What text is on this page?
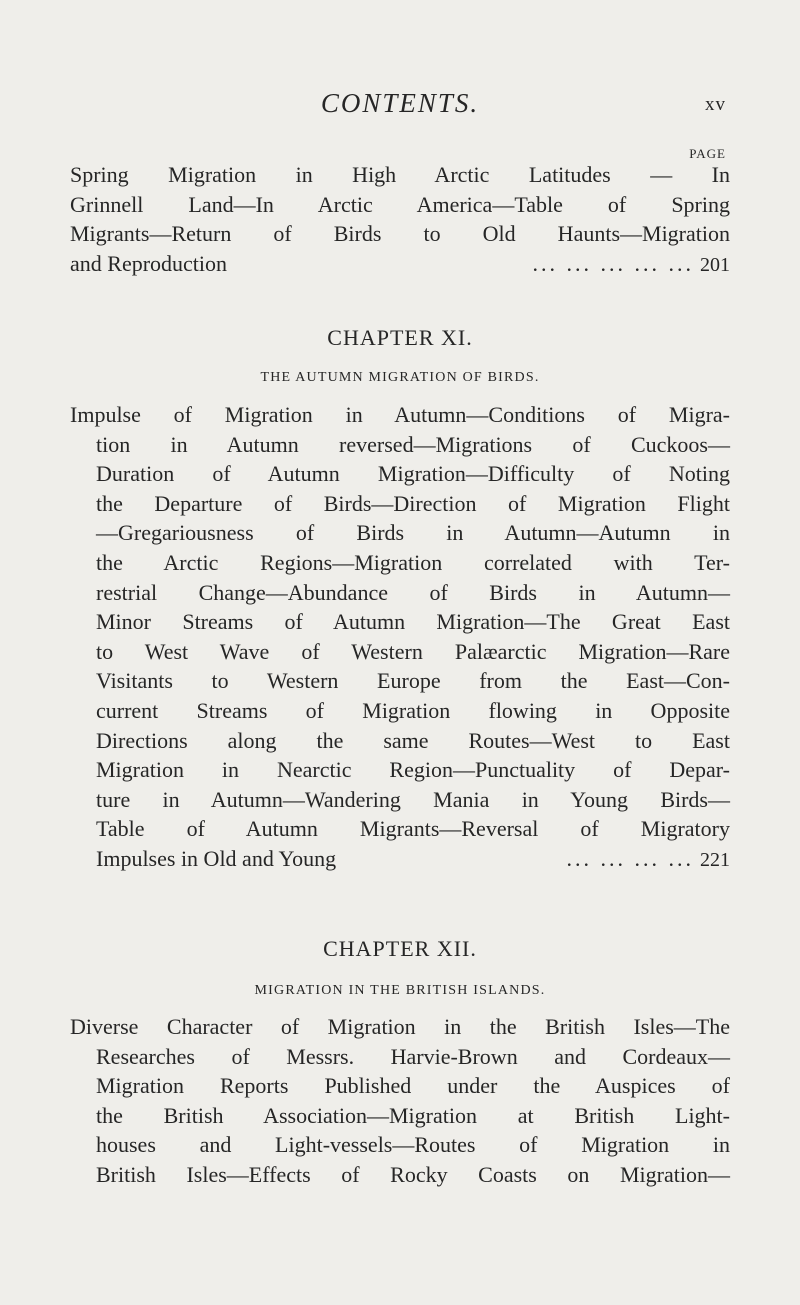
CONTENTS.	xv
PAGE
Spring Migration in High Arctic Latitudes — In
Grinnell Land—In Arctic America—Table of Spring
Migrants—Return of Birds to Old Haunts—Migration
and Reproduction	... ... ... ... ... 201
CHAPTER XI.
THE AUTUMN MIGRATION OF BIRDS.
Impulse of Migration in Autumn—Conditions of Migra-
tion in Autumn reversed—Migrations of Cuckoos—
Duration of Autumn Migration—Difficulty of Noting
the Departure of Birds—Direction of Migration Flight
—Gregariousness of Birds in Autumn—Autumn in
the Arctic Regions—Migration correlated with Ter-
restrial Change—Abundance of Birds in Autumn—
Minor Streams of Autumn Migration—The Great East
to West Wave of Western Palæarctic Migration—Rare
Visitants to Western Europe from the East—Con-
current Streams of Migration flowing in Opposite
Directions along the same Routes—West to East
Migration in Nearctic Region—Punctuality of Depar-
ture in Autumn—Wandering Mania in Young Birds—
Table of Autumn Migrants—Reversal of Migratory
Impulses in Old and Young	... ... ... ... 221
CHAPTER XII.
MIGRATION IN THE BRITISH ISLANDS.
Diverse Character of Migration in the British Isles—The
Researches of Messrs. Harvie-Brown and Cordeaux—
Migration Reports Published under the Auspices of
the British Association—Migration at British Light-
houses and Light-vessels—Routes of Migration in
British Isles—Effects of Rocky Coasts on Migration—
